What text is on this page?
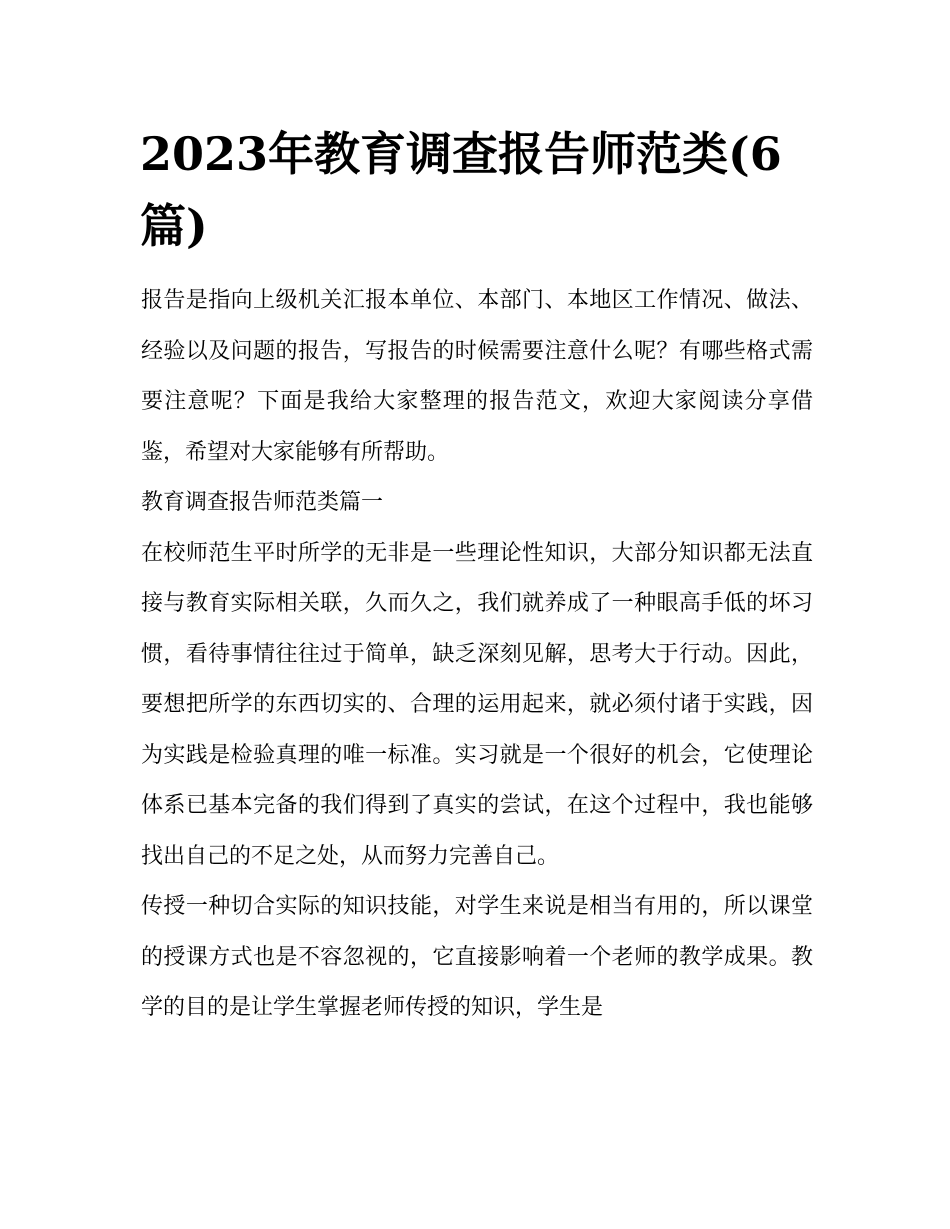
2023年教育调查报告师范类(6篇)

报告是指向上级机关汇报本单位、本部门、本地区工作情况、做法、经验以及问题的报告，写报告的时候需要注意什么呢？有哪些格式需要注意呢？下面是我给大家整理的报告范文，欢迎大家阅读分享借鉴，希望对大家能够有所帮助。

教育调查报告师范类篇一

在校师范生平时所学的无非是一些理论性知识，大部分知识都无法直接与教育实际相关联，久而久之，我们就养成了一种眼高手低的坏习惯，看待事情往往过于简单，缺乏深刻见解，思考大于行动。因此，要想把所学的东西切实的、合理的运用起来，就必须付诸于实践，因为实践是检验真理的唯一标准。实习就是一个很好的机会，它使理论体系已基本完备的我们得到了真实的尝试，在这个过程中，我也能够找出自己的不足之处，从而努力完善自己。

传授一种切合实际的知识技能，对学生来说是相当有用的，所以课堂的授课方式也是不容忽视的，它直接影响着一个老师的教学成果。教学的目的是让学生掌握老师传授的知识，学生是
